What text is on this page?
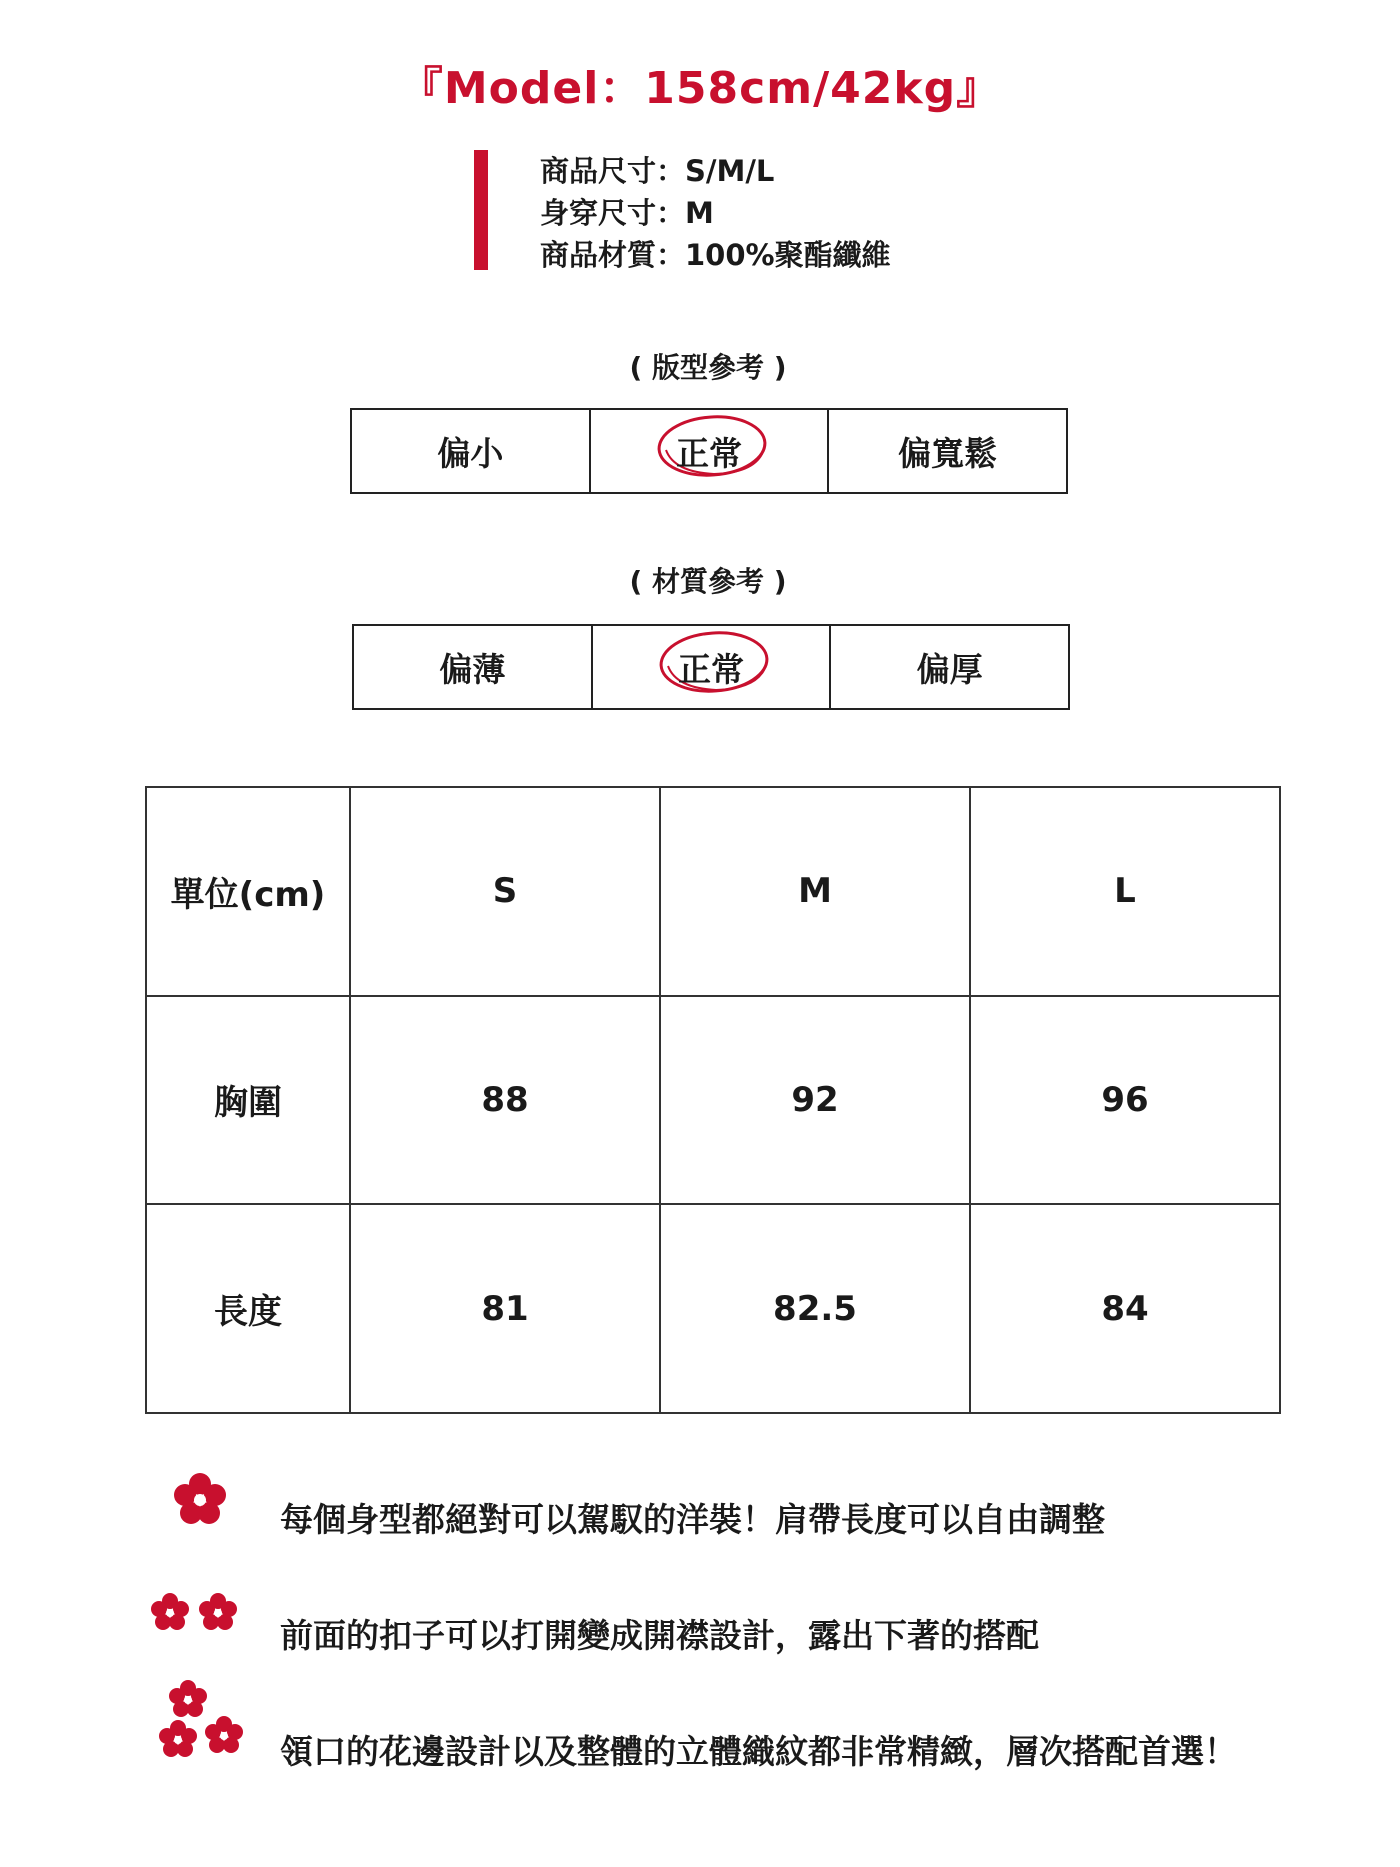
『Model：158cm/42kg』
商品尺寸：S/M/L
身穿尺寸：M
商品材質：100%聚酯纖維
( 版型參考 )
偏小	正常	偏寬鬆
( 材質參考 )
偏薄	正常	偏厚
單位(cm)	S	M	L
胸圍	88	92	96
長度	81	82.5	84
每個身型都絕對可以駕馭的洋裝！肩帶長度可以自由調整
前面的扣子可以打開變成開襟設計，露出下著的搭配
領口的花邊設計以及整體的立體織紋都非常精緻，層次搭配首選！
